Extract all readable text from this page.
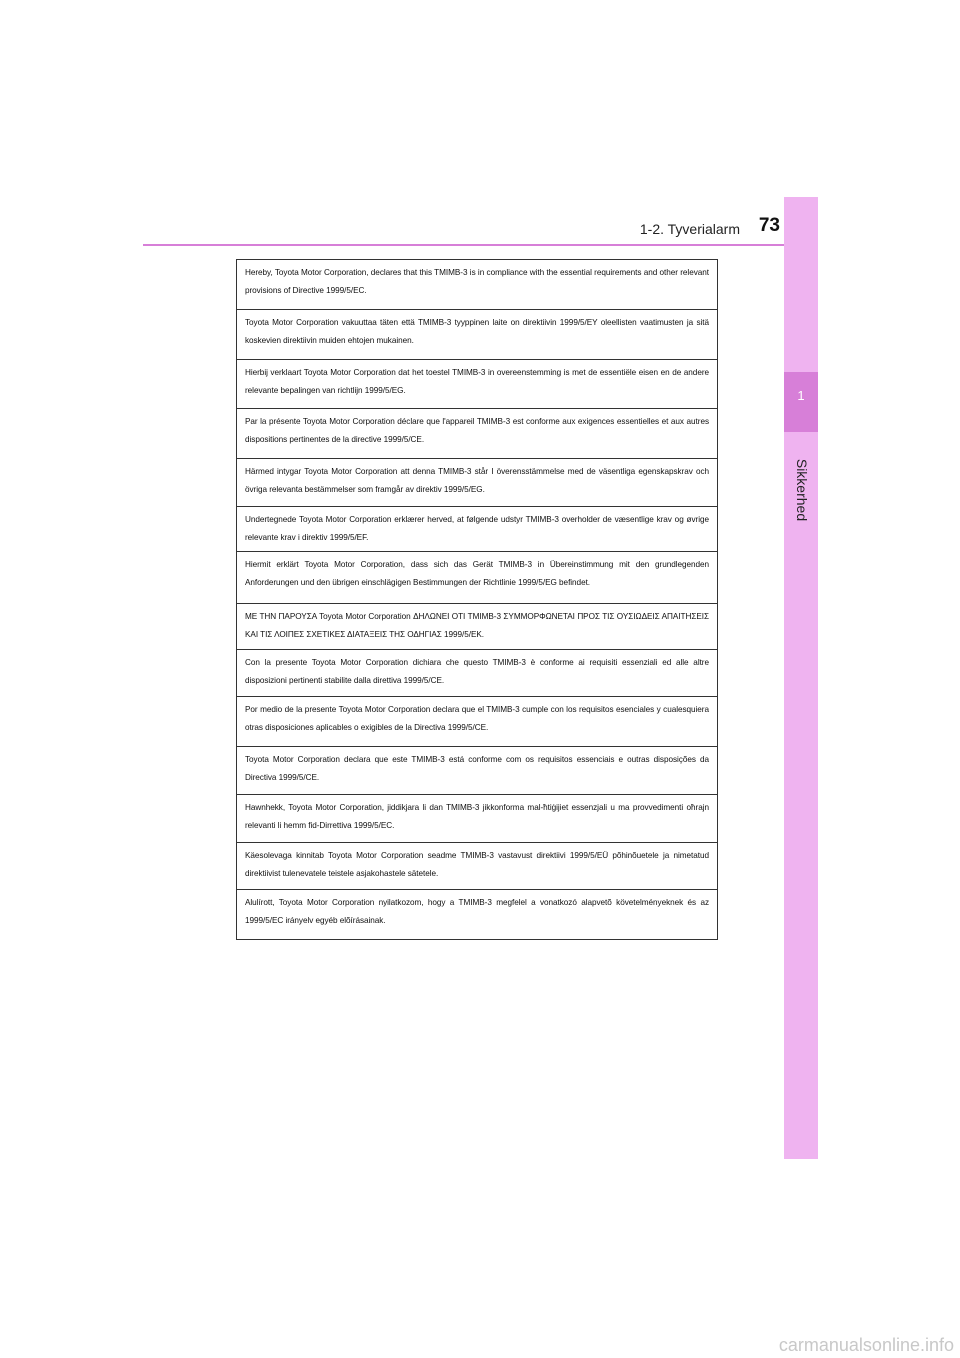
1
Sikkerhed
1-2. Tyverialarm 73
Hereby, Toyota Motor Corporation, declares that this TMIMB-3 is in compliance with the essential requirements and other relevant provisions of Directive 1999/5/EC.
Toyota Motor Corporation vakuuttaa täten että TMIMB-3 tyyppinen laite on direktiivin 1999/5/EY oleellisten vaatimusten ja sitä koskevien direktiivin muiden ehtojen mukainen.
Hierbij verklaart Toyota Motor Corporation dat het toestel TMIMB-3 in overeenstemming is met de essentiële eisen en de andere relevante bepalingen van richtlijn 1999/5/EG.
Par la présente Toyota Motor Corporation déclare que l'appareil TMIMB-3 est conforme aux exigences essentielles et aux autres dispositions pertinentes de la directive 1999/5/CE.
Härmed intygar Toyota Motor Corporation att denna TMIMB-3 står I överensstämmelse med de väsentliga egenskapskrav och övriga relevanta bestämmelser som framgår av direktiv 1999/5/EG.
Undertegnede Toyota Motor Corporation erklærer herved, at følgende udstyr TMIMB-3 overholder de væsentlige krav og øvrige relevante krav i direktiv 1999/5/EF.
Hiermit erklärt Toyota Motor Corporation, dass sich das Gerät TMIMB-3 in Übereinstimmung mit den grundlegenden Anforderungen und den übrigen einschlägigen Bestimmungen der Richtlinie 1999/5/EG befindet.
ΜΕ ΤΗΝ ΠΑΡΟΥΣΑ Toyota Motor Corporation ΔΗΛΩΝΕΙ ΟΤΙ TMIMB-3 ΣΥΜΜΟΡΦΩΝΕΤΑΙ ΠΡΟΣ ΤΙΣ ΟΥΣΙΩΔΕΙΣ ΑΠΑΙΤΗΣΕΙΣ ΚΑΙ ΤΙΣ ΛΟΙΠΕΣ ΣΧΕΤΙΚΕΣ ΔΙΑΤΑΞΕΙΣ ΤΗΣ ΟΔΗΓΙΑΣ 1999/5/ΕΚ.
Con la presente Toyota Motor Corporation dichiara che questo TMIMB-3 è conforme ai requisiti essenziali ed alle altre disposizioni pertinenti stabilite dalla direttiva 1999/5/CE.
Por medio de la presente Toyota Motor Corporation declara que el TMIMB-3 cumple con los requisitos esenciales y cualesquiera otras disposiciones aplicables o exigibles de la Directiva 1999/5/CE.
Toyota Motor Corporation declara que este TMIMB-3 está conforme com os requisitos essenciais e outras disposições da Directiva 1999/5/CE.
Hawnhekk, Toyota Motor Corporation, jiddikjara li dan TMIMB-3 jikkonforma mal-ħtiġijiet essenzjali u ma provvedimenti oħrajn relevanti li hemm fid-Dirrettiva 1999/5/EC.
Käesolevaga kinnitab Toyota Motor Corporation seadme TMIMB-3 vastavust direktiivi 1999/5/EÜ põhinõuetele ja nimetatud direktiivist tulenevatele teistele asjakohastele sätetele.
Alulírott, Toyota Motor Corporation nyilatkozom, hogy a TMIMB-3 megfelel a vonatkozó alapvetõ követelményeknek és az 1999/5/EC irányelv egyéb elõírásainak.
carmanualsonline.info
